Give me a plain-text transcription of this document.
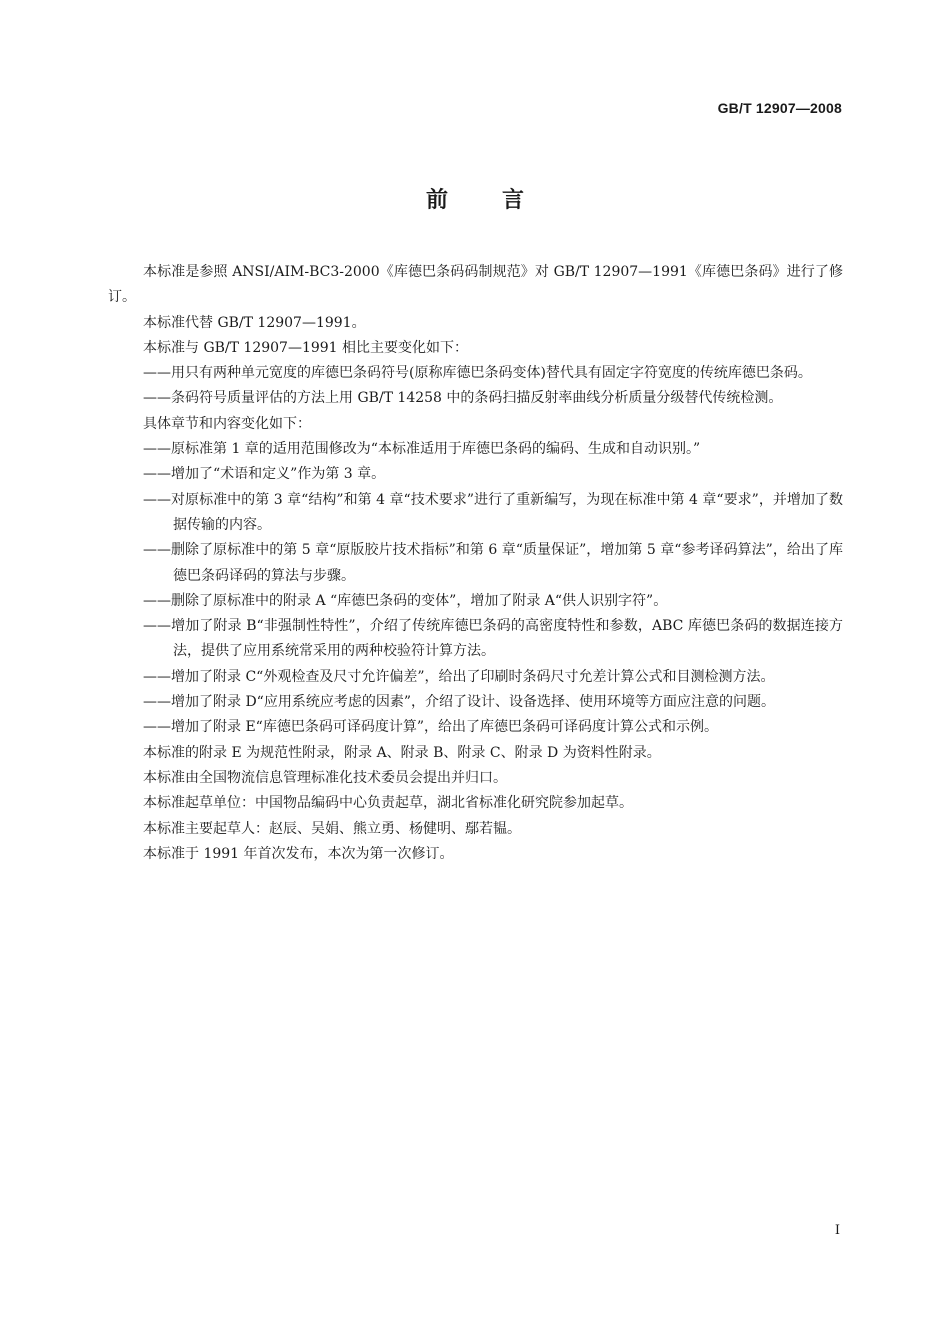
GB/T 12907—2008
前言
本标准是参照 ANSI/AIM-BC3-2000《库德巴条码码制规范》对 GB/T 12907—1991《库德巴条码》进行了修订。
本标准代替 GB/T 12907—1991。
本标准与 GB/T 12907—1991 相比主要变化如下：
——用只有两种单元宽度的库德巴条码符号(原称库德巴条码变体)替代具有固定字符宽度的传统库德巴条码。
——条码符号质量评估的方法上用 GB/T 14258 中的条码扫描反射率曲线分析质量分级替代传统检测。
具体章节和内容变化如下：
——原标准第 1 章的适用范围修改为“本标准适用于库德巴条码的编码、生成和自动识别。”
——增加了“术语和定义”作为第 3 章。
——对原标准中的第 3 章“结构”和第 4 章“技术要求”进行了重新编写，为现在标准中第 4 章“要求”，并增加了数据传输的内容。
——删除了原标准中的第 5 章“原版胶片技术指标”和第 6 章“质量保证”，增加第 5 章“参考译码算法”，给出了库德巴条码译码的算法与步骤。
——删除了原标准中的附录 A “库德巴条码的变体”，增加了附录 A“供人识别字符”。
——增加了附录 B“非强制性特性”，介绍了传统库德巴条码的高密度特性和参数，ABC 库德巴条码的数据连接方法，提供了应用系统常采用的两种校验符计算方法。
——增加了附录 C“外观检查及尺寸允许偏差”，给出了印刷时条码尺寸允差计算公式和目测检测方法。
——增加了附录 D“应用系统应考虑的因素”，介绍了设计、设备选择、使用环境等方面应注意的问题。
——增加了附录 E“库德巴条码可译码度计算”，给出了库德巴条码可译码度计算公式和示例。
本标准的附录 E 为规范性附录，附录 A、附录 B、附录 C、附录 D 为资料性附录。
本标准由全国物流信息管理标准化技术委员会提出并归口。
本标准起草单位：中国物品编码中心负责起草，湖北省标准化研究院参加起草。
本标准主要起草人：赵辰、吴娟、熊立勇、杨健明、鄢若韫。
本标准于 1991 年首次发布，本次为第一次修订。
I
